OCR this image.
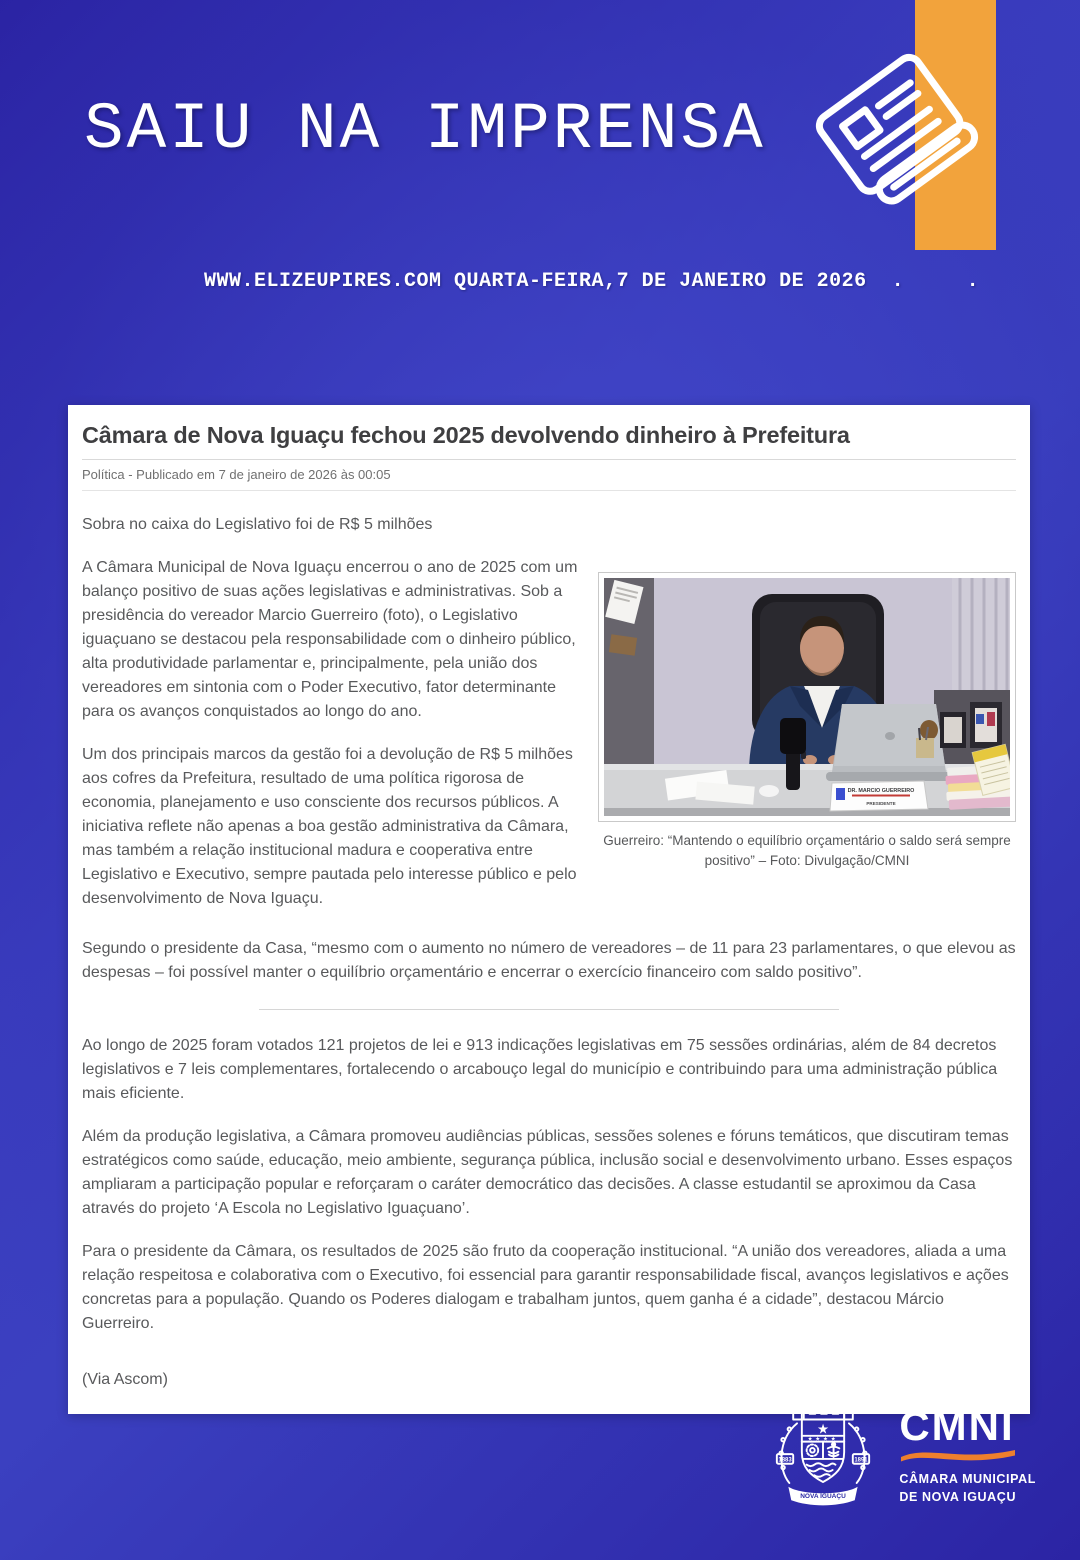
SAIU NA IMPRENSA
WWW.ELIZEUPIRES.COM QUARTA-FEIRA,7 DE JANEIRO DE 2026  .     .
Câmara de Nova Iguaçu fechou 2025 devolvendo dinheiro à Prefeitura
Política - Publicado em 7 de janeiro de 2026 às 00:05

Sobra no caixa do Legislativo foi de R$ 5 milhões

DR. MARCIO GUERREIRO
PRESIDENTE
Guerreiro: “Mantendo o equilíbrio orçamentário o saldo será sempre positivo” – Foto: Divulgação/CMNI

A Câmara Municipal de Nova Iguaçu encerrou o ano de 2025 com um balanço positivo de suas ações legislativas e administrativas. Sob a presidência do vereador Marcio Guerreiro (foto), o Legislativo iguaçuano se destacou pela responsabilidade com o dinheiro público, alta produtividade parlamentar e, principalmente, pela união dos vereadores em sintonia com o Poder Executivo, fator determinante para os avanços conquistados ao longo do ano.

Um dos principais marcos da gestão foi a devolução de R$ 5 milhões aos cofres da Prefeitura, resultado de uma política rigorosa de economia, planejamento e uso consciente dos recursos públicos. A iniciativa reflete não apenas a boa gestão administrativa da Câmara, mas também a relação institucional madura e cooperativa entre Legislativo e Executivo, sempre pautada pelo interesse público e pelo desenvolvimento de Nova Iguaçu.

Segundo o presidente da Casa, “mesmo com o aumento no número de vereadores – de 11 para 23 parlamentares, o que elevou as despesas – foi possível manter o equilíbrio orçamentário e encerrar o exercício financeiro com saldo positivo”.

Ao longo de 2025 foram votados 121 projetos de lei e 913 indicações legislativas em 75 sessões ordinárias, além de 84 decretos legislativos e 7 leis complementares, fortalecendo o arcabouço legal do município e contribuindo para uma administração pública mais eficiente.

Além da produção legislativa, a Câmara promoveu audiências públicas, sessões solenes e fóruns temáticos, que discutiram temas estratégicos como saúde, educação, meio ambiente, segurança pública, inclusão social e desenvolvimento urbano. Esses espaços ampliaram a participação popular e reforçaram o caráter democrático das decisões. A classe estudantil se aproximou da Casa através do projeto ‘A Escola no Legislativo Iguaçuano’.

Para o presidente da Câmara, os resultados de 2025 são fruto da cooperação institucional. “A união dos vereadores, aliada a uma relação respeitosa e colaborativa com o Executivo, foi essencial para garantir responsabilidade fiscal, avanços legislativos e ações concretas para a população. Quando os Poderes dialogam e trabalham juntos, quem ganha é a cidade”, destacou Márcio Guerreiro.

(Via Ascom)

1883	1891
★
★★★★
NOVA IGUAÇU
CMNI
CÂMARA MUNICIPAL
DE NOVA IGUAÇU
